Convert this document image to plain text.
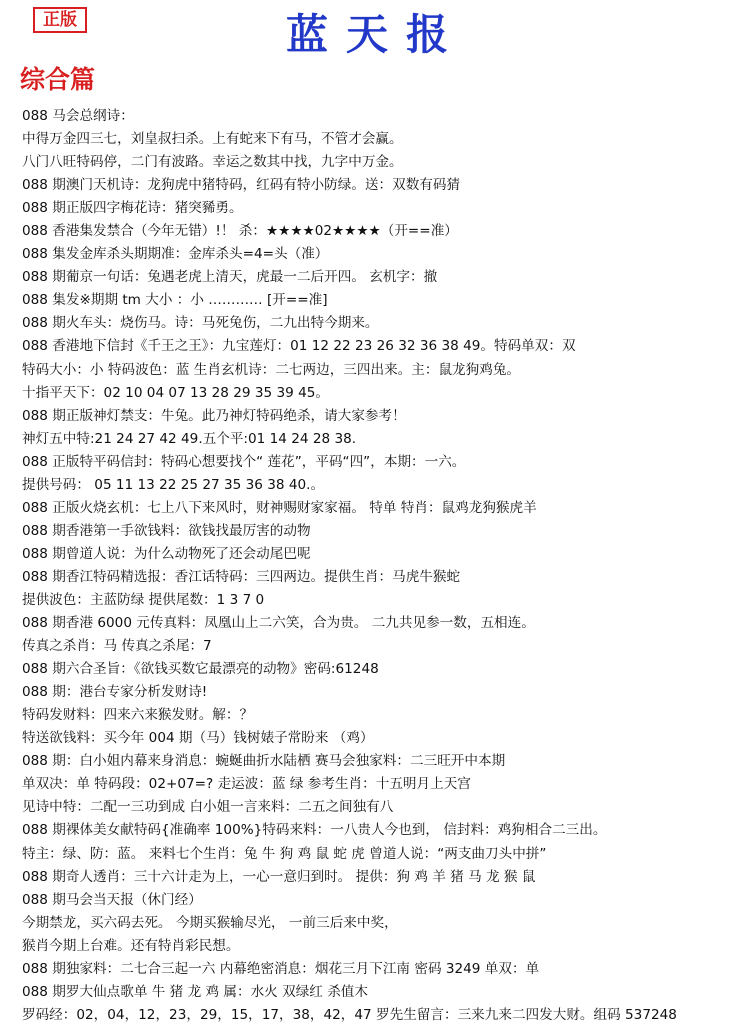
正版	蓝天报
综合篇
088 马会总纲诗：
中得万金四三七，刘皇叔扫杀。上有蛇来下有马，不管才会赢。
八门八旺特码停，二门有波路。幸运之数其中找，九字中万金。
088 期澳门天机诗：龙狗虎中猪特码，红码有特小防绿。送：双数有码猜
088 期正版四字梅花诗：猪突豨勇。
088 香港集发禁合（今年无错）!！ 杀：★★★★02★★★★（开==准）
088 集发金库杀头期期准：金库杀头=4=头（准）
088 期葡京一句话：兔遇老虎上清天，虎最一二后开四。 玄机字：撤
088 集发※期期 tm 大小 ：小 ………… [开==准]
088 期火车头：烧伤马。诗：马死兔伤，二九出特今期来。
088 香港地下信封《千王之王》：九宝莲灯：01 12 22 23 26 32 36 38 49。特码单双：双
特码大小：小 特码波色：蓝 生肖玄机诗：二七两边，三四出来。主：鼠龙狗鸡兔。
十指平天下：02 10 04 07 13 28 29 35 39 45。
088 期正版神灯禁支：牛兔。此乃神灯特码绝杀，请大家参考！
神灯五中特:21 24 27 42 49.五个平:01 14 24 28 38.
088 正版特平码信封：特码心想要找个“ 莲花”，平码“四”，本期：一六。
提供号码： 05 11 13 22 25 27 35 36 38 40.。
088 正版火烧玄机：七上八下来风时，财神赐财家家福。 特单 特肖：鼠鸡龙狗猴虎羊
088 期香港第一手欲钱料：欲钱找最厉害的动物
088 期曾道人说：为什么动物死了还会动尾巴呢
088 期香江特码精选报：香江话特码：三四两边。提供生肖：马虎牛猴蛇
提供波色：主蓝防绿 提供尾数：1 3 7 0
088 期香港 6000 元传真料：凤凰山上二六笑，合为贵。 二九共见参一数，五相连。
传真之杀肖：马 传真之杀尾：7
088 期六合圣旨：《欲钱买数它最漂亮的动物》密码:61248
088 期：港台专家分析发财诗!
特码发财料：四来六来猴发财。解：？
特送欲钱料：买今年 004 期（马）钱树婊子常盼来 （鸡）
088 期：白小姐内幕来身消息：蜿蜒曲折水陆栖 赛马会独家料：二三旺开中本期
单双决：单 特码段：02+07=? 走运波：蓝 绿 参考生肖：十五明月上天宫
见诗中特：二配一三功到成 白小姐一言来料：二五之间独有八
088 期裸体美女献特码{准确率 100%}特码来料：一八贵人今也到， 信封料：鸡狗相合二三出。
特主：绿、防：蓝。 来料七个生肖：兔 牛 狗 鸡 鼠 蛇 虎 曾道人说：“两支曲刀头中拼”
088 期奇人透肖：三十六计走为上，一心一意归到时。 提供：狗 鸡 羊 猪 马 龙 猴 鼠
088 期马会当天报（休门经）
今期禁龙，买六码去死。 今期买猴输尽光， 一前三后来中奖，
猴肖今期上台难。还有特肖彩民想。
088 期独家料：二七合三起一六 内幕绝密消息：烟花三月下江南 密码 3249 单双：单
088 期罗大仙点歌单 牛 猪 龙 鸡 属：水火 双绿红 杀值木
罗码经：02，04，12，23，29，15，17，38，42，47 罗先生留言：三来九来二四发大财。组码 537248
